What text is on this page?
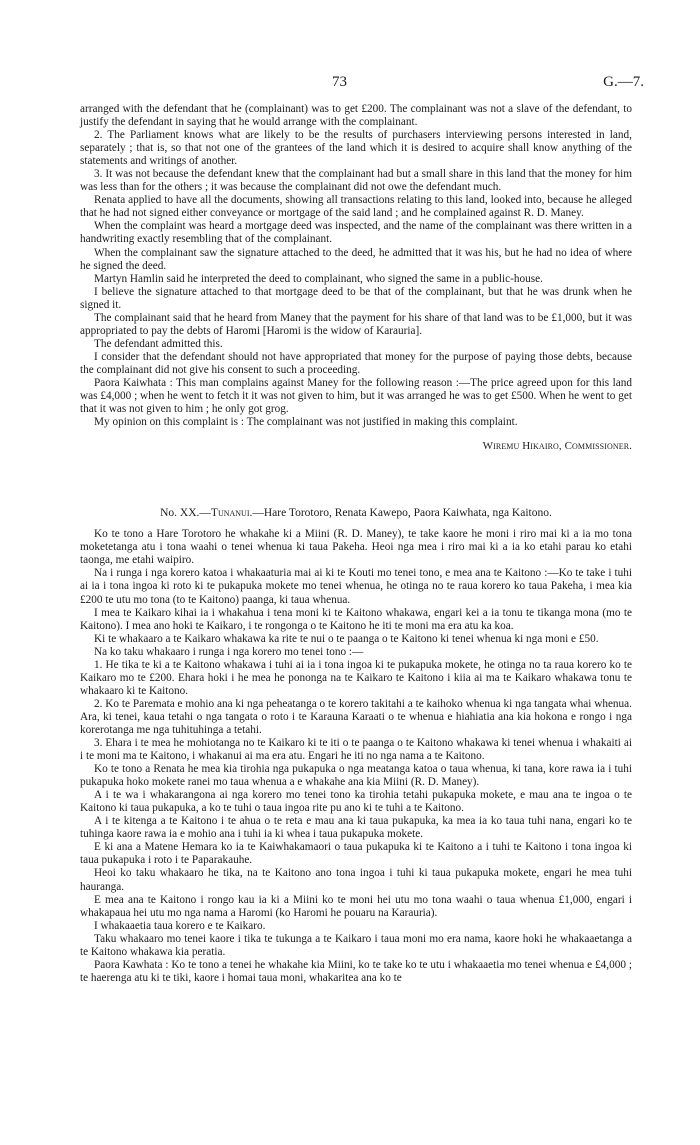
73	G.—7.

arranged with the defendant that he (complainant) was to get £200. The complainant was not a slave of the defendant, to justify the defendant in saying that he would arrange with the complainant.

2. The Parliament knows what are likely to be the results of purchasers interviewing persons interested in land, separately ; that is, so that not one of the grantees of the land which it is desired to acquire shall know anything of the statements and writings of another.

3. It was not because the defendant knew that the complainant had but a small share in this land that the money for him was less than for the others ; it was because the complainant did not owe the defendant much.

Renata applied to have all the documents, showing all transactions relating to this land, looked into, because he alleged that he had not signed either conveyance or mortgage of the said land ; and he complained against R. D. Maney.

When the complaint was heard a mortgage deed was inspected, and the name of the complainant was there written in a handwriting exactly resembling that of the complainant.

When the complainant saw the signature attached to the deed, he admitted that it was his, but he had no idea of where he signed the deed.

Martyn Hamlin said he interpreted the deed to complainant, who signed the same in a public-house.

I believe the signature attached to that mortgage deed to be that of the complainant, but that he was drunk when he signed it.

The complainant said that he heard from Maney that the payment for his share of that land was to be £1,000, but it was appropriated to pay the debts of Haromi [Haromi is the widow of Karauria].

The defendant admitted this.

I consider that the defendant should not have appropriated that money for the purpose of paying those debts, because the complainant did not give his consent to such a proceeding.

Paora Kaiwhata : This man complains against Maney for the following reason :—The price agreed upon for this land was £4,000 ; when he went to fetch it it was not given to him, but it was arranged he was to get £500. When he went to get that it was not given to him ; he only got grog.

My opinion on this complaint is : The complainant was not justified in making this complaint.

Wiremu Hikairo, Commissioner.

No. XX.—Tunanui.—Hare Torotoro, Renata Kawepo, Paora Kaiwhata, nga Kaitono.

Ko te tono a Hare Torotoro he whakahe ki a Miini (R. D. Maney), te take kaore he moni i riro mai ki a ia mo tona moketetanga atu i tona waahi o tenei whenua ki taua Pakeha. Heoi nga mea i riro mai ki a ia ko etahi parau ko etahi taonga, me etahi waipiro.

Na i runga i nga korero katoa i whakaaturia mai ai ki te Kouti mo tenei tono, e mea ana te Kaitono :—Ko te take i tuhi ai ia i tona ingoa ki roto ki te pukapuka mokete mo tenei whenua, he otinga no te raua korero ko taua Pakeha, i mea kia £200 te utu mo tona (to te Kaitono) paanga, ki taua whenua.

I mea te Kaikaro kihai ia i whakahua i tena moni ki te Kaitono whakawa, engari kei a ia tonu te tikanga mona (mo te Kaitono). I mea ano hoki te Kaikaro, i te rongonga o te Kaitono he iti te moni ma era atu ka koa.

Ki te whakaaro a te Kaikaro whakawa ka rite te nui o te paanga o te Kaitono ki tenei whenua ki nga moni e £50.

Na ko taku whakaaro i runga i nga korero mo tenei tono :—

1. He tika te ki a te Kaitono whakawa i tuhi ai ia i tona ingoa ki te pukapuka mokete, he otinga no ta raua korero ko te Kaikaro mo te £200. Ehara hoki i he mea he pononga na te Kaikaro te Kaitono i kiia ai ma te Kaikaro whakawa tonu te whakaaro ki te Kaitono.

2. Ko te Paremata e mohio ana ki nga peheatanga o te korero takitahi a te kaihoko whenua ki nga tangata whai whenua. Ara, ki tenei, kaua tetahi o nga tangata o roto i te Karauna Karaati o te whenua e hiahiatia ana kia hokona e rongo i nga korerotanga me nga tuhituhinga a tetahi.

3. Ehara i te mea he mohiotanga no te Kaikaro ki te iti o te paanga o te Kaitono whakawa ki tenei whenua i whakaiti ai i te moni ma te Kaitono, i whakanui ai ma era atu. Engari he iti no nga nama a te Kaitono.

Ko te tono a Renata he mea kia tirohia nga pukapuka o nga meatanga katoa o taua whenua, ki tana, kore rawa ia i tuhi pukapuka hoko mokete ranei mo taua whenua a e whakahe ana kia Miini (R. D. Maney).

A i te wa i whakarangona ai nga korero mo tenei tono ka tirohia tetahi pukapuka mokete, e mau ana te ingoa o te Kaitono ki taua pukapuka, a ko te tuhi o taua ingoa rite pu ano ki te tuhi a te Kaitono.

A i te kitenga a te Kaitono i te ahua o te reta e mau ana ki taua pukapuka, ka mea ia ko taua tuhi nana, engari ko te tuhinga kaore rawa ia e mohio ana i tuhi ia ki whea i taua pukapuka mokete.

E ki ana a Matene Hemara ko ia te Kaiwhakamaori o taua pukapuka ki te Kaitono a i tuhi te Kaitono i tona ingoa ki taua pukapuka i roto i te Paparakauhe.

Heoi ko taku whakaaro he tika, na te Kaitono ano tona ingoa i tuhi ki taua pukapuka mokete, engari he mea tuhi hauranga.

E mea ana te Kaitono i rongo kau ia ki a Miini ko te moni hei utu mo tona waahi o taua whenua £1,000, engari i whakapaua hei utu mo nga nama a Haromi (ko Haromi he pouaru na Karauria).

I whakaaetia taua korero e te Kaikaro.

Taku whakaaro mo tenei kaore i tika te tukunga a te Kaikaro i taua moni mo era nama, kaore hoki he whakaaetanga a te Kaitono whakawa kia peratia.

Paora Kawhata : Ko te tono a tenei he whakahe kia Miini, ko te take ko te utu i whakaaetia mo tenei whenua e £4,000 ; te haerenga atu ki te tiki, kaore i homai taua moni, whakaritea ana ko te
